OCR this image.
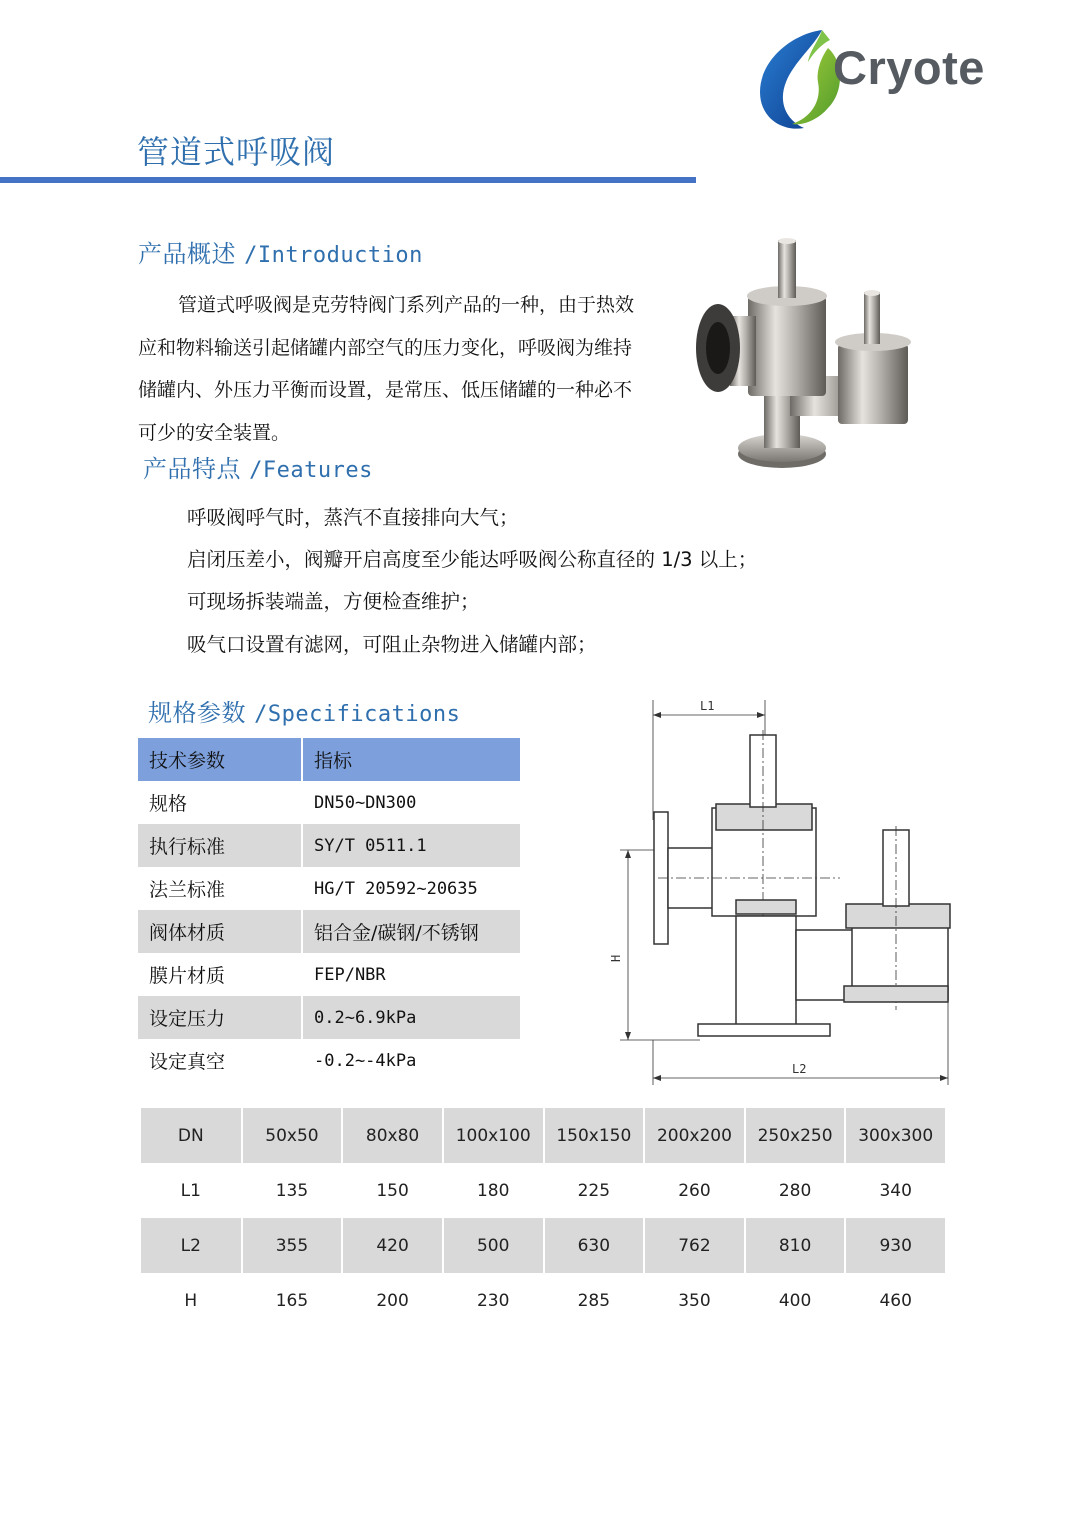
Cryote
管道式呼吸阀
产品概述 /Introduction
管道式呼吸阀是克劳特阀门系列产品的一种，由于热效应和物料输送引起储罐内部空气的压力变化，呼吸阀为维持储罐内、外压力平衡而设置，是常压、低压储罐的一种必不可少的安全装置。
产品特点 /Features
呼吸阀呼气时，蒸汽不直接排向大气；
启闭压差小，阀瓣开启高度至少能达呼吸阀公称直径的 1/3 以上；
可现场拆装端盖，方便检查维护；
吸气口设置有滤网，可阻止杂物进入储罐内部；
规格参数 /Specifications
技术参数	指标
规格	DN50~DN300
执行标准	SY/T 0511.1
法兰标准	HG/T 20592~20635
阀体材质	铝合金/碳钢/不锈钢
膜片材质	FEP/NBR
设定压力	0.2~6.9kPa
设定真空	-0.2~-4kPa
L1
H
L2
DN	50x50	80x80	100x100	150x150	200x200	250x250	300x300
L1	135	150	180	225	260	280	340
L2	355	420	500	630	762	810	930
H	165	200	230	285	350	400	460
